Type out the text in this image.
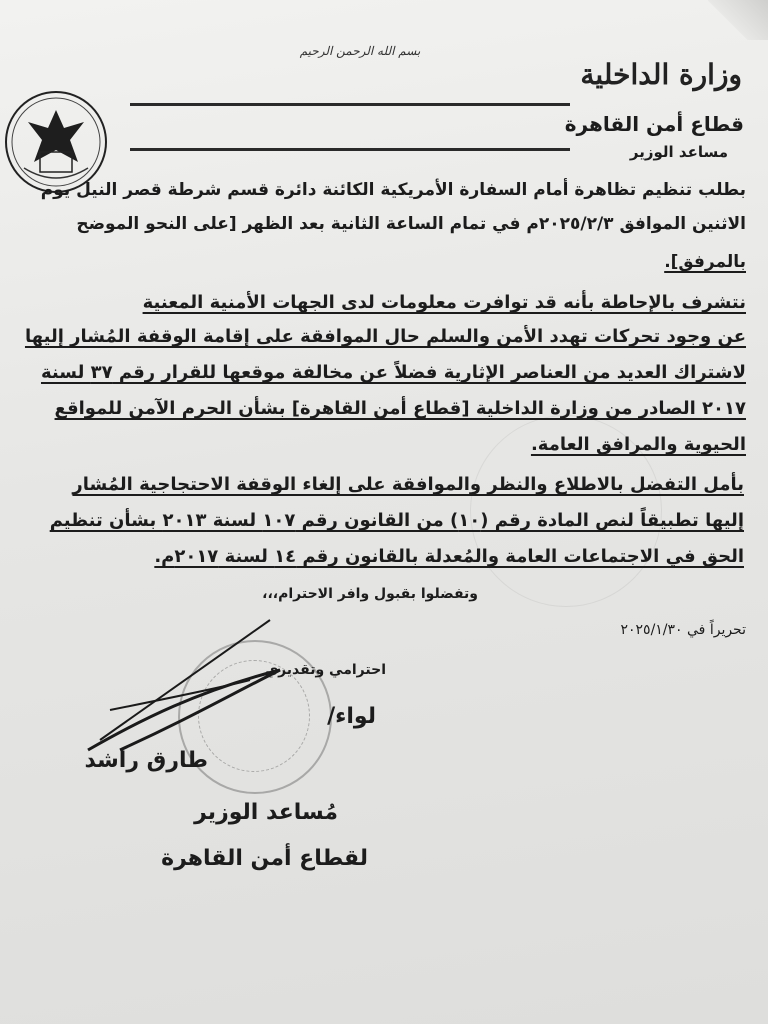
بسم الله الرحمن الرحيم
وزارة الداخلية
قطاع أمن القاهرة
مساعد الوزير
بطلب تنظيم تظاهرة أمام السفارة الأمريكية الكائنة دائرة قسم شرطة قصر النيل يوم
الاثنين الموافق ٢٠٢٥/٢/٣م في تمام الساعة الثانية بعد الظهر [على النحو الموضح
بالمرفق].
نتشرف بالإحاطة بأنه قد توافرت معلومات لدى الجهات الأمنية المعنية
عن وجود تحركات تهدد الأمن والسلم حال الموافقة على إقامة الوقفة المُشار إليها
لاشتراك العديد من العناصر الإثارية فضلاً عن مخالفة موقعها للقرار رقم ٣٧ لسنة
٢٠١٧ الصادر من وزارة الداخلية [قطاع أمن القاهرة] بشأن الحرم الآمن للمواقع
الحيوية والمرافق العامة.
بأمل التفضل بالاطلاع والنظر والموافقة على إلغاء الوقفة الاحتجاجية المُشار
إليها تطبيقاً لنص المادة رقم (١٠) من القانون رقم ١٠٧ لسنة ٢٠١٣ بشأن تنظيم
الحق في الاجتماعات العامة والمُعدلة بالقانون رقم ١٤ لسنة ٢٠١٧م.
وتفضلوا بقبول وافر الاحترام،،،
تحريراً في ٢٠٢٥/١/٣٠
احترامي وتقديري
لواء/
طارق راشد
مُساعد الوزير
لقطاع أمن القاهرة
